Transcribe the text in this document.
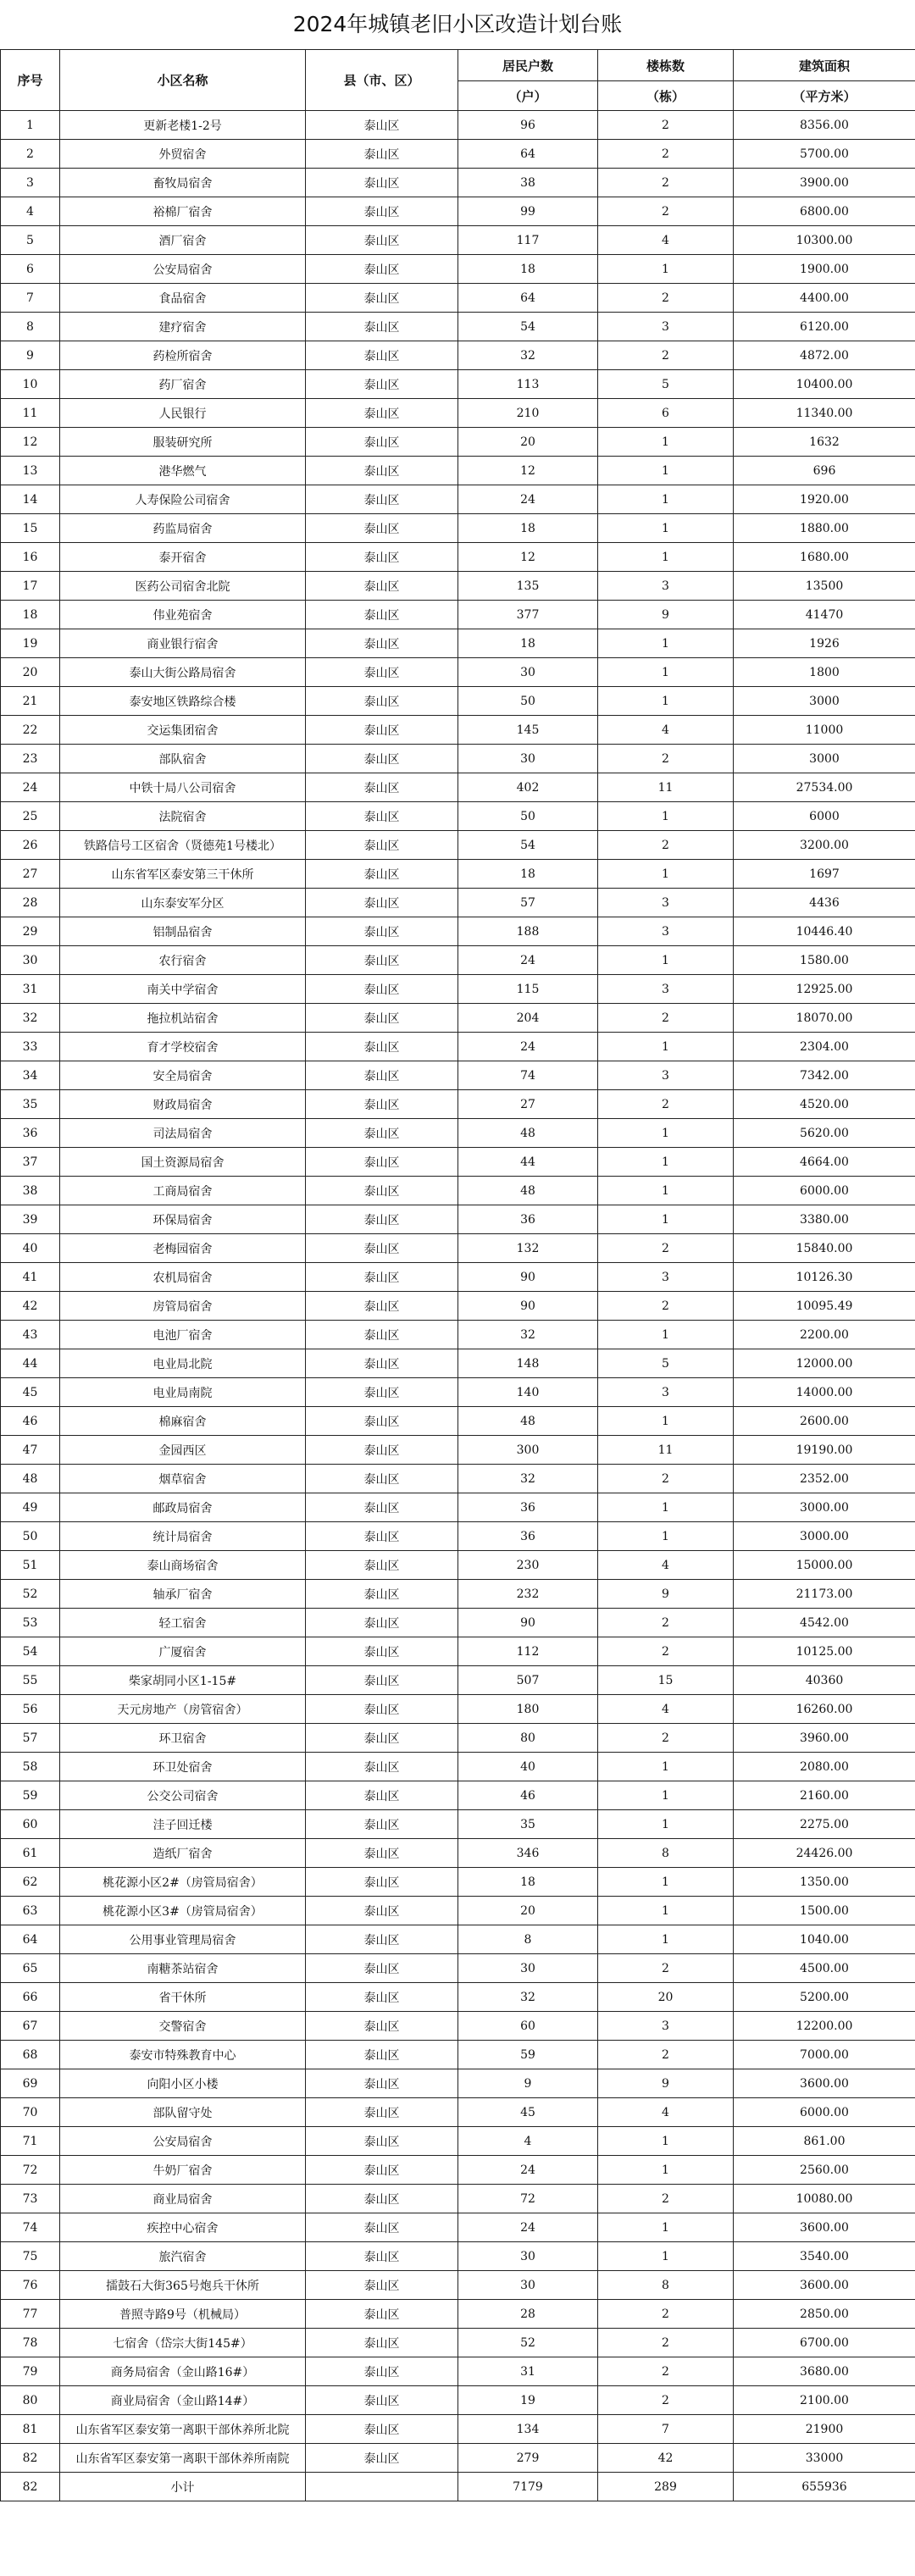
2024年城镇老旧小区改造计划台账
序号	小区名称	县（市、区）	居民户数	楼栋数	建筑面积
			（户）	（栋）	（平方米）
1	更新老楼1-2号	泰山区	96	2	8356.00
2	外贸宿舍	泰山区	64	2	5700.00
3	畜牧局宿舍	泰山区	38	2	3900.00
4	裕棉厂宿舍	泰山区	99	2	6800.00
5	酒厂宿舍	泰山区	117	4	10300.00
6	公安局宿舍	泰山区	18	1	1900.00
7	食品宿舍	泰山区	64	2	4400.00
8	建疗宿舍	泰山区	54	3	6120.00
9	药检所宿舍	泰山区	32	2	4872.00
10	药厂宿舍	泰山区	113	5	10400.00
11	人民银行	泰山区	210	6	11340.00
12	服装研究所	泰山区	20	1	1632
13	港华燃气	泰山区	12	1	696
14	人寿保险公司宿舍	泰山区	24	1	1920.00
15	药监局宿舍	泰山区	18	1	1880.00
16	泰开宿舍	泰山区	12	1	1680.00
17	医药公司宿舍北院	泰山区	135	3	13500
18	伟业苑宿舍	泰山区	377	9	41470
19	商业银行宿舍	泰山区	18	1	1926
20	泰山大街公路局宿舍	泰山区	30	1	1800
21	泰安地区铁路综合楼	泰山区	50	1	3000
22	交运集团宿舍	泰山区	145	4	11000
23	部队宿舍	泰山区	30	2	3000
24	中铁十局八公司宿舍	泰山区	402	11	27534.00
25	法院宿舍	泰山区	50	1	6000
26	铁路信号工区宿舍（贤德苑1号楼北）	泰山区	54	2	3200.00
27	山东省军区泰安第三干休所	泰山区	18	1	1697
28	山东泰安军分区	泰山区	57	3	4436
29	铝制品宿舍	泰山区	188	3	10446.40
30	农行宿舍	泰山区	24	1	1580.00
31	南关中学宿舍	泰山区	115	3	12925.00
32	拖拉机站宿舍	泰山区	204	2	18070.00
33	育才学校宿舍	泰山区	24	1	2304.00
34	安全局宿舍	泰山区	74	3	7342.00
35	财政局宿舍	泰山区	27	2	4520.00
36	司法局宿舍	泰山区	48	1	5620.00
37	国土资源局宿舍	泰山区	44	1	4664.00
38	工商局宿舍	泰山区	48	1	6000.00
39	环保局宿舍	泰山区	36	1	3380.00
40	老梅园宿舍	泰山区	132	2	15840.00
41	农机局宿舍	泰山区	90	3	10126.30
42	房管局宿舍	泰山区	90	2	10095.49
43	电池厂宿舍	泰山区	32	1	2200.00
44	电业局北院	泰山区	148	5	12000.00
45	电业局南院	泰山区	140	3	14000.00
46	棉麻宿舍	泰山区	48	1	2600.00
47	金园西区	泰山区	300	11	19190.00
48	烟草宿舍	泰山区	32	2	2352.00
49	邮政局宿舍	泰山区	36	1	3000.00
50	统计局宿舍	泰山区	36	1	3000.00
51	泰山商场宿舍	泰山区	230	4	15000.00
52	轴承厂宿舍	泰山区	232	9	21173.00
53	轻工宿舍	泰山区	90	2	4542.00
54	广厦宿舍	泰山区	112	2	10125.00
55	柴家胡同小区1-15#	泰山区	507	15	40360
56	天元房地产（房管宿舍）	泰山区	180	4	16260.00
57	环卫宿舍	泰山区	80	2	3960.00
58	环卫处宿舍	泰山区	40	1	2080.00
59	公交公司宿舍	泰山区	46	1	2160.00
60	洼子回迁楼	泰山区	35	1	2275.00
61	造纸厂宿舍	泰山区	346	8	24426.00
62	桃花源小区2#（房管局宿舍）	泰山区	18	1	1350.00
63	桃花源小区3#（房管局宿舍）	泰山区	20	1	1500.00
64	公用事业管理局宿舍	泰山区	8	1	1040.00
65	南糖茶站宿舍	泰山区	30	2	4500.00
66	省干休所	泰山区	32	20	5200.00
67	交警宿舍	泰山区	60	3	12200.00
68	泰安市特殊教育中心	泰山区	59	2	7000.00
69	向阳小区小楼	泰山区	9	9	3600.00
70	部队留守处	泰山区	45	4	6000.00
71	公安局宿舍	泰山区	4	1	861.00
72	牛奶厂宿舍	泰山区	24	1	2560.00
73	商业局宿舍	泰山区	72	2	10080.00
74	疾控中心宿舍	泰山区	24	1	3600.00
75	旅汽宿舍	泰山区	30	1	3540.00
76	擂鼓石大街365号炮兵干休所	泰山区	30	8	3600.00
77	普照寺路9号（机械局）	泰山区	28	2	2850.00
78	七宿舍（岱宗大街145#）	泰山区	52	2	6700.00
79	商务局宿舍（金山路16#）	泰山区	31	2	3680.00
80	商业局宿舍（金山路14#）	泰山区	19	2	2100.00
81	山东省军区泰安第一离职干部休养所北院	泰山区	134	7	21900
82	山东省军区泰安第一离职干部休养所南院	泰山区	279	42	33000
82	小计		7179	289	655936
